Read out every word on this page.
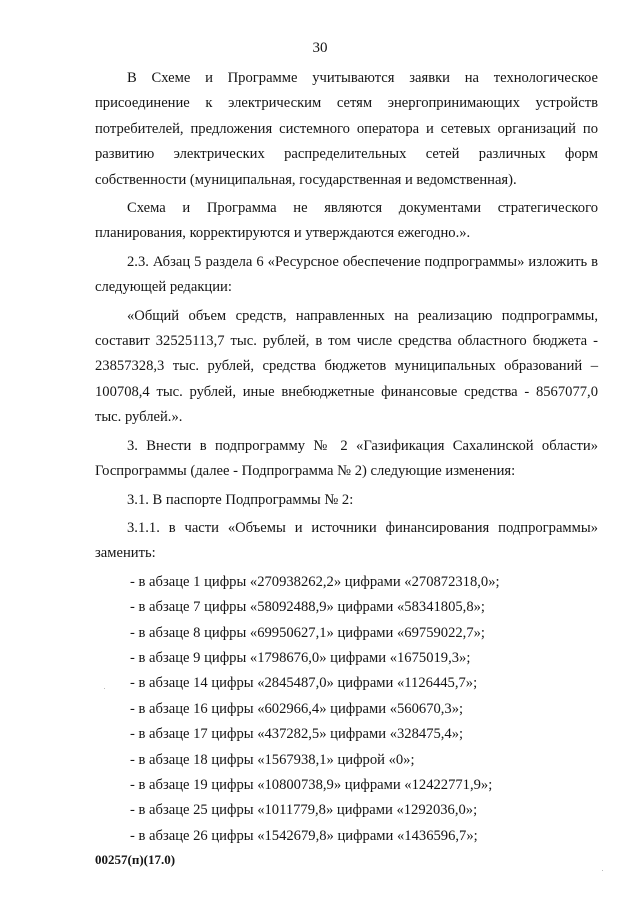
30

В Схеме и Программе учитываются заявки на технологическое присоединение к электрическим сетям энергопринимающих устройств потребителей, предложения системного оператора и сетевых организаций по развитию электрических распределительных сетей различных форм собственности (муниципальная, государственная и ведомственная).

Схема и Программа не являются документами стратегического планирования, корректируются и утверждаются ежегодно.».

2.3. Абзац 5 раздела 6 «Ресурсное обеспечение подпрограммы» изложить в следующей редакции:

«Общий объем средств, направленных на реализацию подпрограммы, составит 32525113,7 тыс. рублей, в том числе средства областного бюджета - 23857328,3 тыс. рублей, средства бюджетов муниципальных образований – 100708,4 тыс. рублей, иные внебюджетные финансовые средства - 8567077,0 тыс. рублей.».

3. Внести в подпрограмму № 2 «Газификация Сахалинской области» Госпрограммы (далее - Подпрограмма № 2) следующие изменения:

3.1. В паспорте Подпрограммы № 2:

3.1.1. в части «Объемы и источники финансирования подпрограммы» заменить:

- в абзаце 1 цифры «270938262,2» цифрами «270872318,0»;
- в абзаце 7 цифры «58092488,9» цифрами «58341805,8»;
- в абзаце 8 цифры «69950627,1» цифрами «69759022,7»;
- в абзаце 9 цифры «1798676,0» цифрами «1675019,3»;
- в абзаце 14 цифры «2845487,0» цифрами «1126445,7»;
- в абзаце 16 цифры «602966,4» цифрами «560670,3»;
- в абзаце 17 цифры «437282,5» цифрами «328475,4»;
- в абзаце 18 цифры «1567938,1» цифрой «0»;
- в абзаце 19 цифры «10800738,9» цифрами «12422771,9»;
- в абзаце 25 цифры «1011779,8» цифрами «1292036,0»;
- в абзаце 26 цифры «1542679,8» цифрами «1436596,7»;
00257(п)(17.0)
